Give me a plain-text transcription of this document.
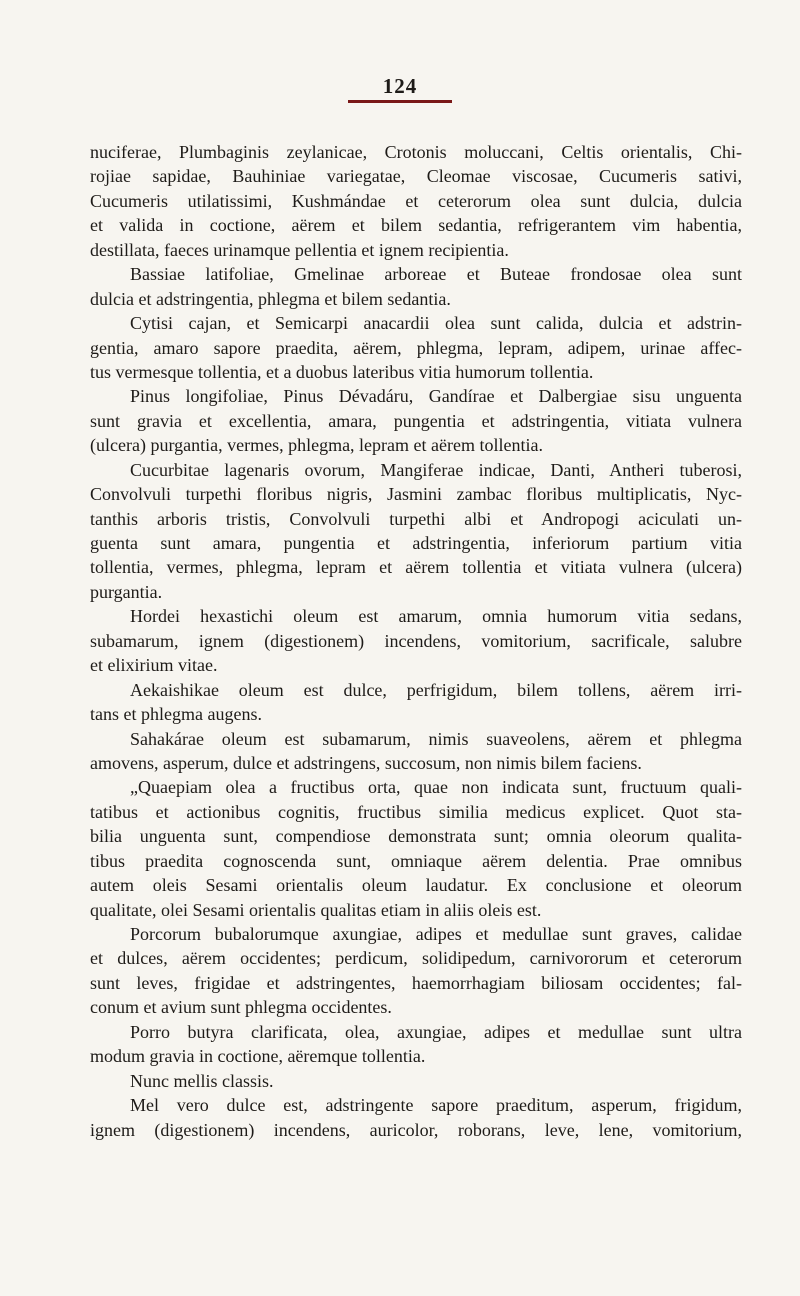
124
nuciferae, Plumbaginis zeylanicae, Crotonis moluccani, Celtis orientalis, Chi-
rojiae sapidae, Bauhiniae variegatae, Cleomae viscosae, Cucumeris sativi,
Cucumeris utilatissimi, Kushmándae et ceterorum olea sunt dulcia, dulcia
et valida in coctione, aërem et bilem sedantia, refrigerantem vim habentia,
destillata, faeces urinamque pellentia et ignem recipientia.
Bassiae latifoliae, Gmelinae arboreae et Buteae frondosae olea sunt
dulcia et adstringentia, phlegma et bilem sedantia.
Cytisi cajan, et Semicarpi anacardii olea sunt calida, dulcia et adstrin-
gentia, amaro sapore praedita, aërem, phlegma, lepram, adipem, urinae affec-
tus vermesque tollentia, et a duobus lateribus vitia humorum tollentia.
Pinus longifoliae, Pinus Dévadáru, Gandírae et Dalbergiae sisu unguenta
sunt gravia et excellentia, amara, pungentia et adstringentia, vitiata vulnera
(ulcera) purgantia, vermes, phlegma, lepram et aërem tollentia.
Cucurbitae lagenaris ovorum, Mangiferae indicae, Danti, Antheri tuberosi,
Convolvuli turpethi floribus nigris, Jasmini zambac floribus multiplicatis, Nyc-
tanthis arboris tristis, Convolvuli turpethi albi et Andropogi aciculati un-
guenta sunt amara, pungentia et adstringentia, inferiorum partium vitia
tollentia, vermes, phlegma, lepram et aërem tollentia et vitiata vulnera (ulcera)
purgantia.
Hordei hexastichi oleum est amarum, omnia humorum vitia sedans,
subamarum, ignem (digestionem) incendens, vomitorium, sacrificale, salubre
et elixirium vitae.
Aekaishikae oleum est dulce, perfrigidum, bilem tollens, aërem irri-
tans et phlegma augens.
Sahakárae oleum est subamarum, nimis suaveolens, aërem et phlegma
amovens, asperum, dulce et adstringens, succosum, non nimis bilem faciens.
„Quaepiam olea a fructibus orta, quae non indicata sunt, fructuum quali-
tatibus et actionibus cognitis, fructibus similia medicus explicet. Quot sta-
bilia unguenta sunt, compendiose demonstrata sunt; omnia oleorum qualita-
tibus praedita cognoscenda sunt, omniaque aërem delentia. Prae omnibus
autem oleis Sesami orientalis oleum laudatur. Ex conclusione et oleorum
qualitate, olei Sesami orientalis qualitas etiam in aliis oleis est.
Porcorum bubalorumque axungiae, adipes et medullae sunt graves, calidae
et dulces, aërem occidentes; perdicum, solidipedum, carnivororum et ceterorum
sunt leves, frigidae et adstringentes, haemorrhagiam biliosam occidentes; fal-
conum et avium sunt phlegma occidentes.
Porro butyra clarificata, olea, axungiae, adipes et medullae sunt ultra
modum gravia in coctione, aëremque tollentia.
Nunc mellis classis.
Mel vero dulce est, adstringente sapore praeditum, asperum, frigidum,
ignem (digestionem) incendens, auricolor, roborans, leve, lene, vomitorium,
